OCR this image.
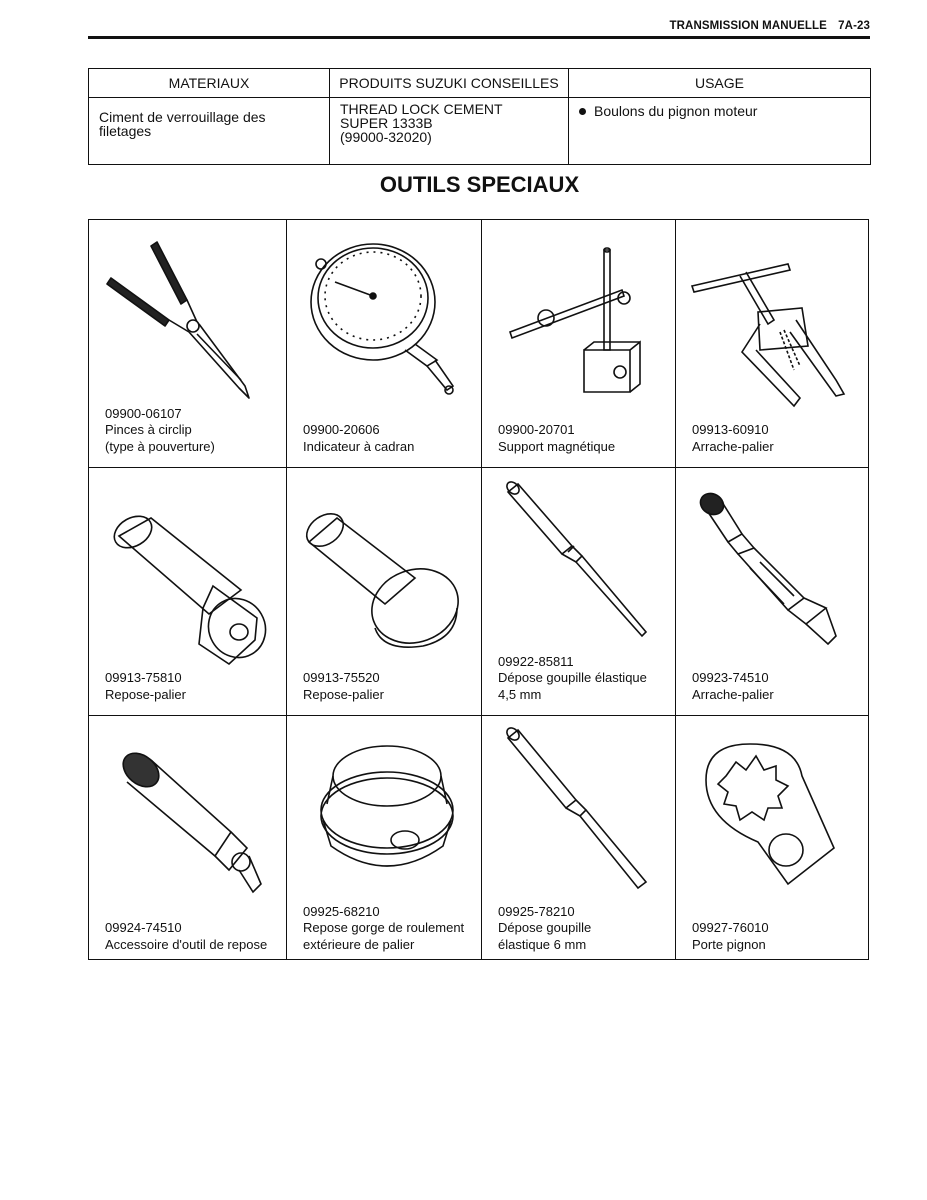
TRANSMISSION MANUELLE 7A-23
MATERIAUX	PRODUITS SUZUKI CONSEILLES	USAGE

Ciment de verrouillage des
filetages	THREAD LOCK CEMENT
SUPER 1333B
(99000-32020)	Boulons du pignon moteur
OUTILS SPECIAUX
09900-06107
Pinces à circlip
(type à pouverture)
09900-20606
Indicateur à cadran
09900-20701
Support magnétique
09913-60910
Arrache-palier
09913-75810
Repose-palier
09913-75520
Repose-palier
09922-85811
Dépose goupille élastique
4,5 mm
09923-74510
Arrache-palier
09924-74510
Accessoire d'outil de repose
09925-68210
Repose gorge de roulement
extérieure de palier
09925-78210
Dépose goupille
élastique 6 mm
09927-76010
Porte pignon
